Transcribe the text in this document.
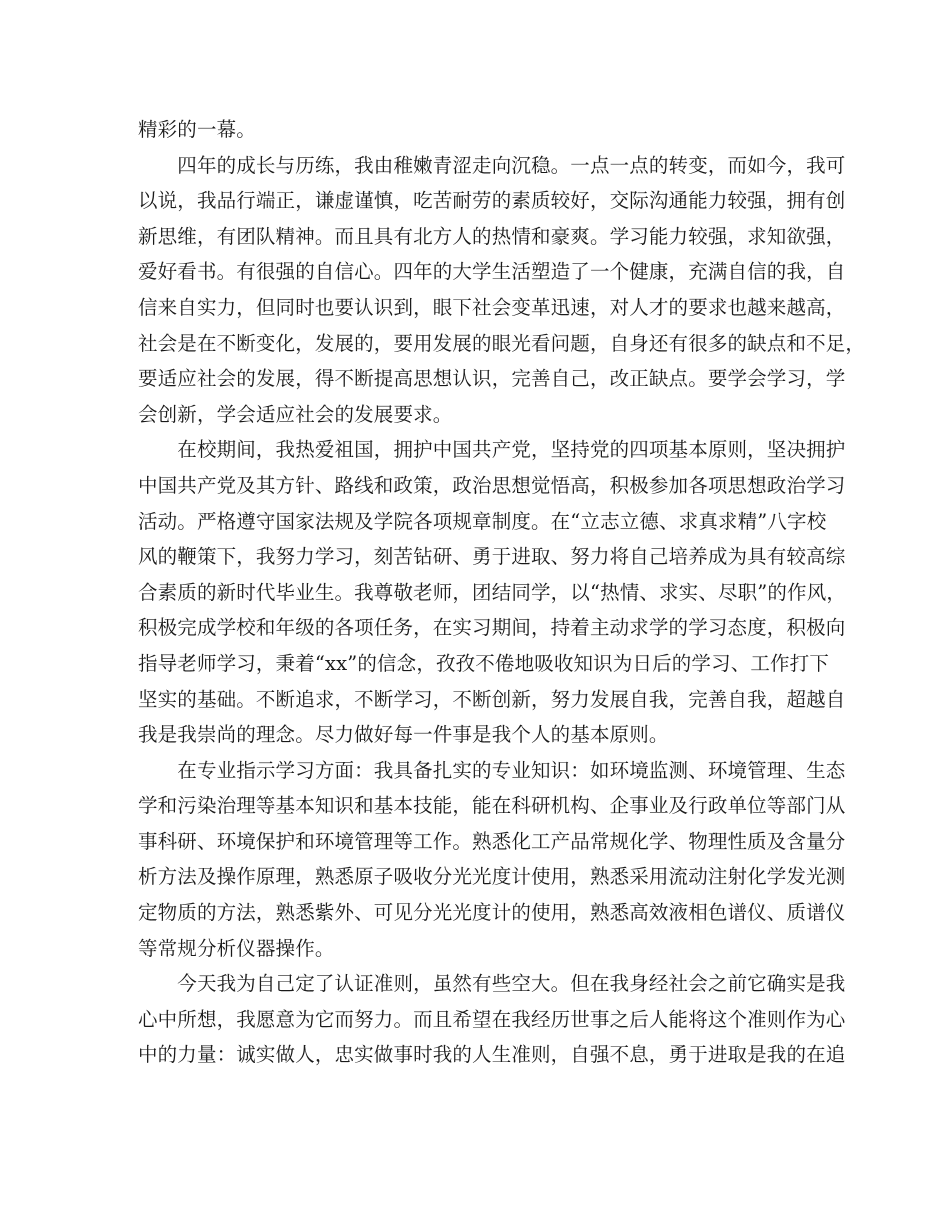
精彩的一幕。
　　四年的成长与历练，我由稚嫩青涩走向沉稳。一点一点的转变，而如今，我可
以说，我品行端正，谦虚谨慎，吃苦耐劳的素质较好，交际沟通能力较强，拥有创
新思维，有团队精神。而且具有北方人的热情和豪爽。学习能力较强，求知欲强，
爱好看书。有很强的自信心。四年的大学生活塑造了一个健康，充满自信的我，自
信来自实力，但同时也要认识到，眼下社会变革迅速，对人才的要求也越来越高，
社会是在不断变化，发展的，要用发展的眼光看问题，自身还有很多的缺点和不足，
要适应社会的发展，得不断提高思想认识，完善自己，改正缺点。要学会学习，学
会创新，学会适应社会的发展要求。
　　在校期间，我热爱祖国，拥护中国共产党，坚持党的四项基本原则，坚决拥护
中国共产党及其方针、路线和政策，政治思想觉悟高，积极参加各项思想政治学习
活动。严格遵守国家法规及学院各项规章制度。在“立志立德、求真求精”八字校
风的鞭策下，我努力学习，刻苦钻研、勇于进取、努力将自己培养成为具有较高综
合素质的新时代毕业生。我尊敬老师，团结同学，以“热情、求实、尽职”的作风，
积极完成学校和年级的各项任务，在实习期间，持着主动求学的学习态度，积极向
指导老师学习，秉着“xx”的信念，孜孜不倦地吸收知识为日后的学习、工作打下
坚实的基础。不断追求，不断学习，不断创新，努力发展自我，完善自我，超越自
我是我崇尚的理念。尽力做好每一件事是我个人的基本原则。
　　在专业指示学习方面：我具备扎实的专业知识：如环境监测、环境管理、生态
学和污染治理等基本知识和基本技能，能在科研机构、企事业及行政单位等部门从
事科研、环境保护和环境管理等工作。熟悉化工产品常规化学、物理性质及含量分
析方法及操作原理，熟悉原子吸收分光光度计使用，熟悉采用流动注射化学发光测
定物质的方法，熟悉紫外、可见分光光度计的使用，熟悉高效液相色谱仪、质谱仪
等常规分析仪器操作。
　　今天我为自己定了认证准则，虽然有些空大。但在我身经社会之前它确实是我
心中所想，我愿意为它而努力。而且希望在我经历世事之后人能将这个准则作为心
中的力量：诚实做人，忠实做事时我的人生准则，自强不息，勇于进取是我的在追
